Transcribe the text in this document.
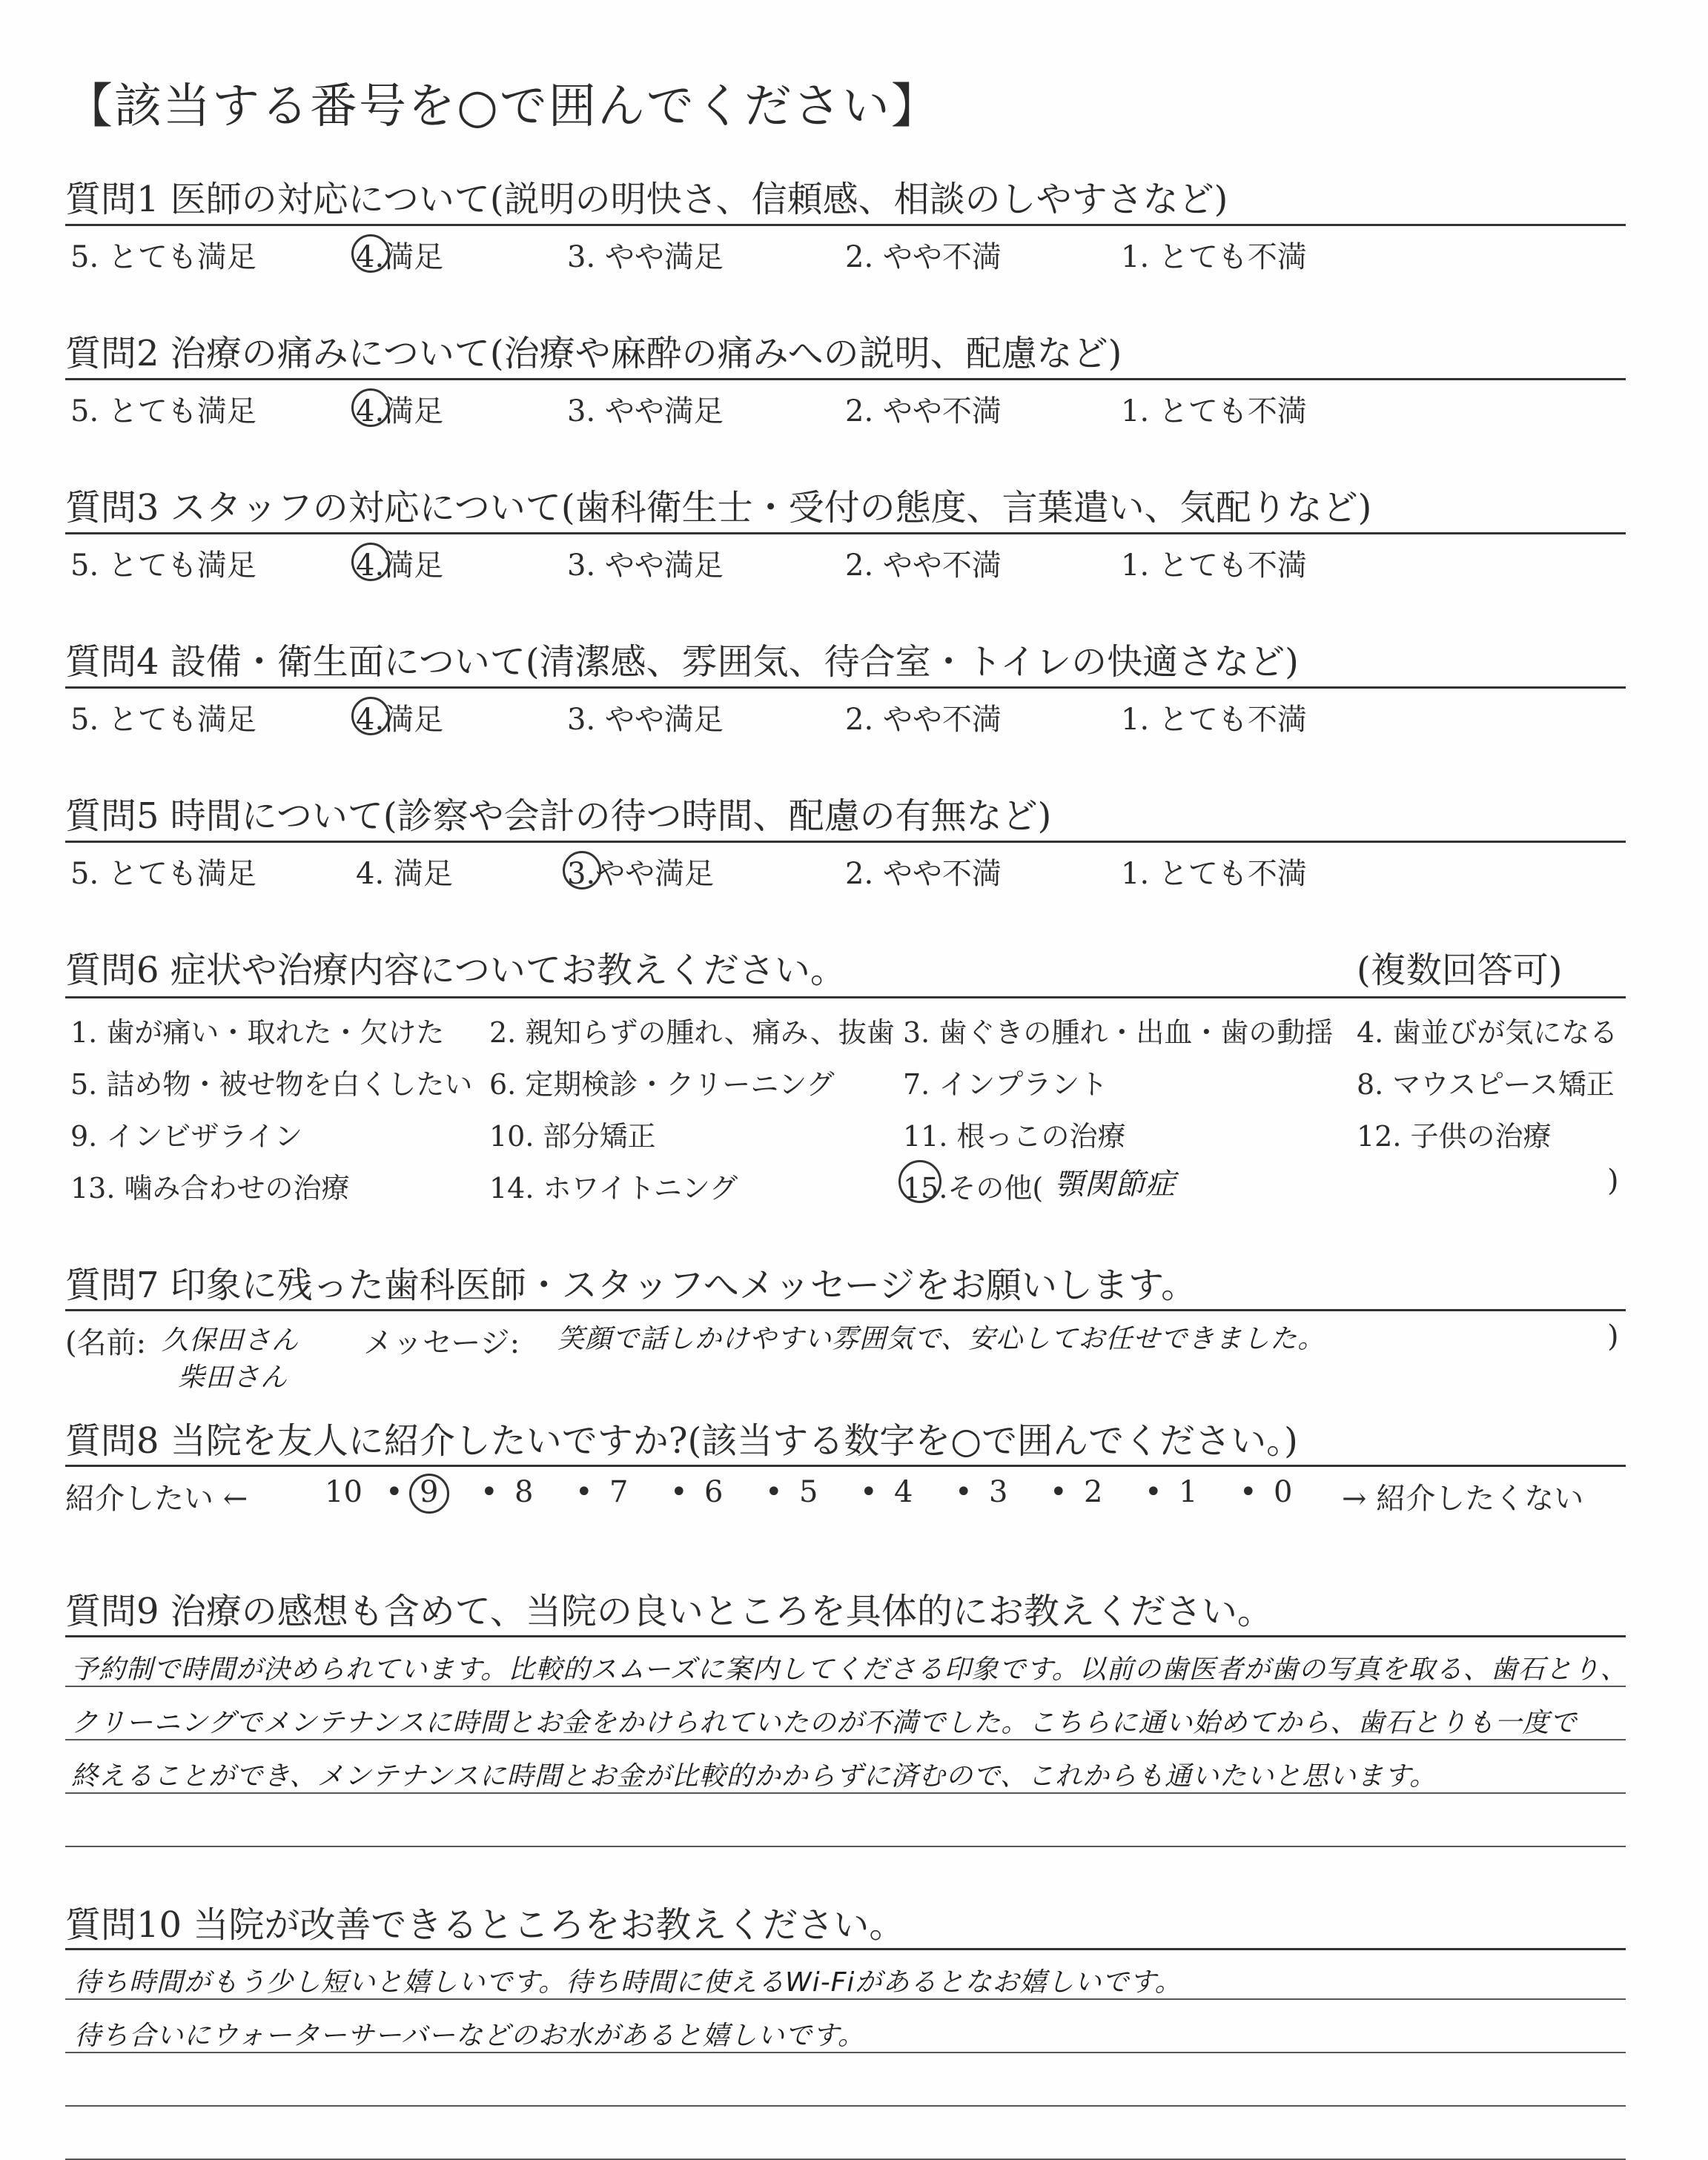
【該当する番号を○で囲んでください】
質問1 医師の対応について(説明の明快さ、信頼感、相談のしやすさなど)
5. とても満足	4.満足	3. やや満足	2. やや不満	1. とても不満
質問2 治療の痛みについて(治療や麻酔の痛みへの説明、配慮など)
5. とても満足	4.満足	3. やや満足	2. やや不満	1. とても不満
質問3 スタッフの対応について(歯科衛生士・受付の態度、言葉遣い、気配りなど)
5. とても満足	4.満足	3. やや満足	2. やや不満	1. とても不満
質問4 設備・衛生面について(清潔感、雰囲気、待合室・トイレの快適さなど)
5. とても満足	4.満足	3. やや満足	2. やや不満	1. とても不満
質問5 時間について(診察や会計の待つ時間、配慮の有無など)
5. とても満足	4. 満足	3.やや満足	2. やや不満	1. とても不満
質問6 症状や治療内容についてお教えください。	(複数回答可)
1. 歯が痛い・取れた・欠けた 2. 親知らずの腫れ、痛み、抜歯 3. 歯ぐきの腫れ・出血・歯の動揺 4. 歯並びが気になる
5. 詰め物・被せ物を白くしたい 6. 定期検診・クリーニング 7. インプラント	8. マウスピース矯正
9. インビザライン	10. 部分矯正	11. 根っこの治療	12. 子供の治療
13. 噛み合わせの治療	14. ホワイトニング	15.その他( 顎関節症	)
質問7 印象に残った歯科医師・スタッフへメッセージをお願いします。
(名前: 久保田さん
柴田さん
メッセージ: 笑顔で話しかけやすい雰囲気で、安心してお任せできました。	)
質問8 当院を友人に紹介したいですか?(該当する数字を○で囲んでください。)
紹介したい ←	10 • 9 • 8 • 7 • 6 • 5 • 4 • 3 • 2 • 1 • 0 → 紹介したくない
質問9 治療の感想も含めて、当院の良いところを具体的にお教えください。
予約制で時間が決められています。比較的スムーズに案内してくださる印象です。以前の歯医者が歯の写真を取る、歯石とり、
クリーニングでメンテナンスに時間とお金をかけられていたのが不満でした。こちらに通い始めてから、歯石とりも一度で
終えることができ、メンテナンスに時間とお金が比較的かからずに済むので、これからも通いたいと思います。
質問10 当院が改善できるところをお教えください。
待ち時間がもう少し短いと嬉しいです。待ち時間に使えるWi-Fiがあるとなお嬉しいです。
待ち合いにウォーターサーバーなどのお水があると嬉しいです。
